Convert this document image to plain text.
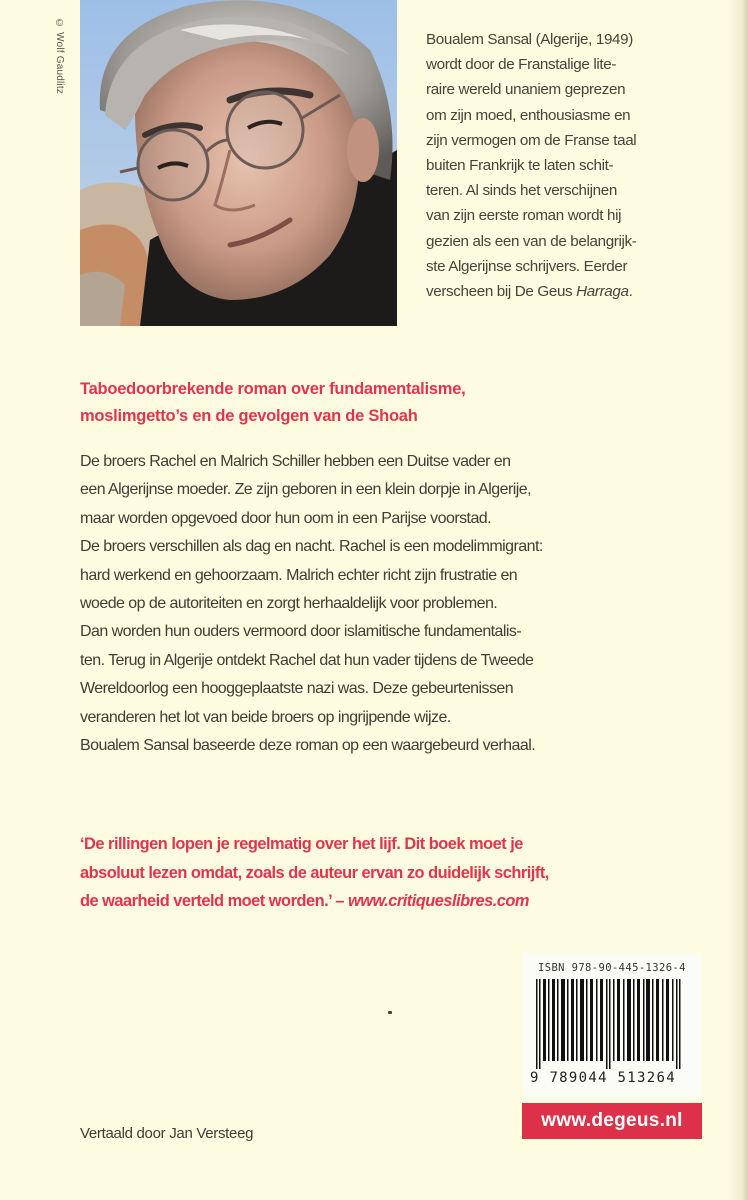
© Wolf Gaudlitz	Boualem Sansal (Algerije, 1949)
wordt door de Franstalige lite-
raire wereld unaniem geprezen
om zijn moed, enthousiasme en
zijn vermogen om de Franse taal
buiten Frankrijk te laten schit-
teren. Al sinds het verschijnen
van zijn eerste roman wordt hij
gezien als een van de belangrijk-
ste Algerijnse schrijvers. Eerder
verscheen bij De Geus Harraga.
Taboedoorbrekende roman over fundamentalisme,
moslimgetto’s en de gevolgen van de Shoah
De broers Rachel en Malrich Schiller hebben een Duitse vader en
een Algerijnse moeder. Ze zijn geboren in een klein dorpje in Algerije,
maar worden opgevoed door hun oom in een Parijse voorstad.
De broers verschillen als dag en nacht. Rachel is een modelimmigrant:
hard werkend en gehoorzaam. Malrich echter richt zijn frustratie en
woede op de autoriteiten en zorgt herhaaldelijk voor problemen.
Dan worden hun ouders vermoord door islamitische fundamentalis-
ten. Terug in Algerije ontdekt Rachel dat hun vader tijdens de Tweede
Wereldoorlog een hooggeplaatste nazi was. Deze gebeurtenissen
veranderen het lot van beide broers op ingrijpende wijze.
Boualem Sansal baseerde deze roman op een waargebeurd verhaal.
‘De rillingen lopen je regelmatig over het lijf. Dit boek moet je
absoluut lezen omdat, zoals de auteur ervan zo duidelijk schrijft,
de waarheid verteld moet worden.’ – www.critiqueslibres.com
ISBN 978-90-445-1326-4
9 789044 513264
www.degeus.nl
Vertaald door Jan Versteeg
